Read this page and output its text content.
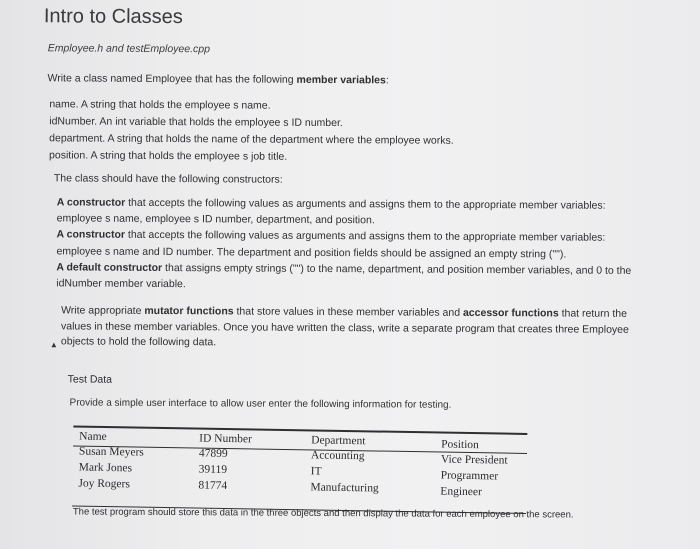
Intro to Classes
Employee.h and testEmployee.cpp
Write a class named Employee that has the following member variables:
name. A string that holds the employee s name.
idNumber. An int variable that holds the employee s ID number.
department. A string that holds the name of the department where the employee works.
position. A string that holds the employee s job title.
The class should have the following constructors:
A constructor that accepts the following values as arguments and assigns them to the appropriate member variables:
employee s name, employee s ID number, department, and position.
A constructor that accepts the following values as arguments and assigns them to the appropriate member variables:
employee s name and ID number. The department and position fields should be assigned an empty string ("").
A default constructor that assigns empty strings ("") to the name, department, and position member variables, and 0 to the
idNumber member variable.
Write appropriate mutator functions that store values in these member variables and accessor functions that return the
values in these member variables. Once you have written the class, write a separate program that creates three Employee
objects to hold the following data.
▲
Test Data
Provide a simple user interface to allow user enter the following information for testing.
Name
Susan Meyers
Mark Jones
Joy Rogers
ID Number
47899
39119
81774
Department
Accounting
IT
Manufacturing
Position
Vice President
Programmer
Engineer
The test program should store this data in the three objects and then display the data for each employee on the screen.
